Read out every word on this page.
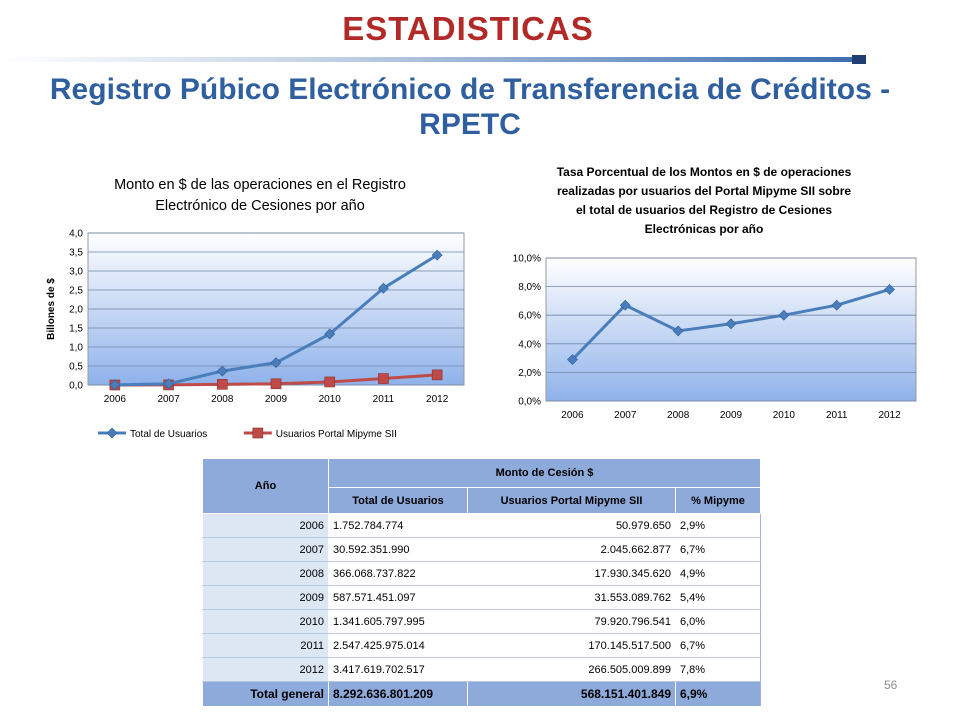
ESTADISTICAS
Registro Púbico Electrónico de Transferencia de Créditos - RPETC
Monto en $ de las operaciones en el Registro
Electrónico de Cesiones por año
0,0
0,5
1,0
1,5
2,0
2,5
3,0
3,5
4,0
2006	2007	2008	2009	2010	2011	2012
Billones de $
Total de Usuarios	Usuarios Portal Mipyme SII
Tasa Porcentual de los Montos en $ de operaciones
realizadas por usuarios del Portal Mipyme SII sobre
el total de usuarios del Registro de Cesiones
Electrónicas por año
0,0%
2,0%
4,0%
6,0%
8,0%
10,0%
2006	2007	2008	2009	2010	2011	2012
Año	Monto de Cesión $		
	Total de Usuarios	Usuarios Portal Mipyme SII	% Mipyme
2006	1.752.784.774	50.979.650	2,9%
2007	30.592.351.990	2.045.662.877	6,7%
2008	366.068.737.822	17.930.345.620	4,9%
2009	587.571.451.097	31.553.089.762	5,4%
2010	1.341.605.797.995	79.920.796.541	6,0%
2011	2.547.425.975.014	170.145.517.500	6,7%
2012	3.417.619.702.517	266.505.009.899	7,8%
Total general	8.292.636.801.209	568.151.401.849	6,9%
56
